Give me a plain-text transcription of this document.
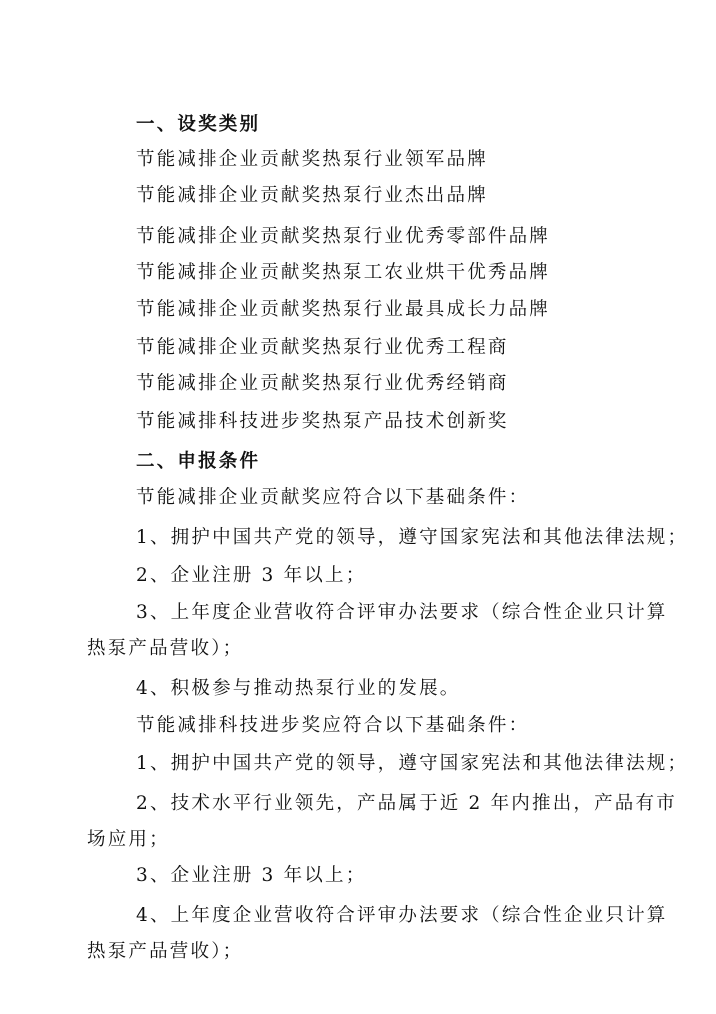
一、设奖类别
节能减排企业贡献奖热泵行业领军品牌
节能减排企业贡献奖热泵行业杰出品牌
节能减排企业贡献奖热泵行业优秀零部件品牌
节能减排企业贡献奖热泵工农业烘干优秀品牌
节能减排企业贡献奖热泵行业最具成长力品牌
节能减排企业贡献奖热泵行业优秀工程商
节能减排企业贡献奖热泵行业优秀经销商
节能减排科技进步奖热泵产品技术创新奖
二、申报条件
节能减排企业贡献奖应符合以下基础条件：
1、拥护中国共产党的领导，遵守国家宪法和其他法律法规；
2、企业注册 3 年以上；
3、上年度企业营收符合评审办法要求（综合性企业只计算
热泵产品营收）；
4、积极参与推动热泵行业的发展。
节能减排科技进步奖应符合以下基础条件：
1、拥护中国共产党的领导，遵守国家宪法和其他法律法规；
2、技术水平行业领先，产品属于近 2 年内推出，产品有市
场应用；
3、企业注册 3 年以上；
4、上年度企业营收符合评审办法要求（综合性企业只计算
热泵产品营收）；
